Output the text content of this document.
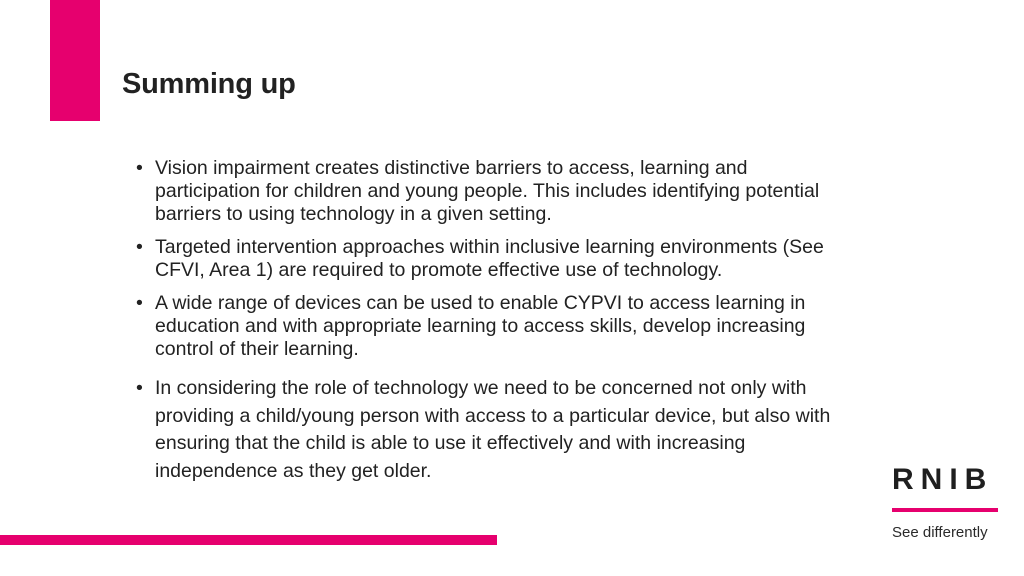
Summing up
• Vision impairment creates distinctive barriers to access, learning and participation for children and young people. This includes identifying potential barriers to using technology in a given setting.
• Targeted intervention approaches within inclusive learning environments (See CFVI, Area 1) are required to promote effective use of technology.
• A wide range of devices can be used to enable CYPVI to access learning in education and with appropriate learning to access skills, develop increasing control of their learning.
• In considering the role of technology we need to be concerned not only with providing a child/young person with access to a particular device, but also with ensuring that the child is able to use it effectively and with increasing independence as they get older.	RNIB
See differently
